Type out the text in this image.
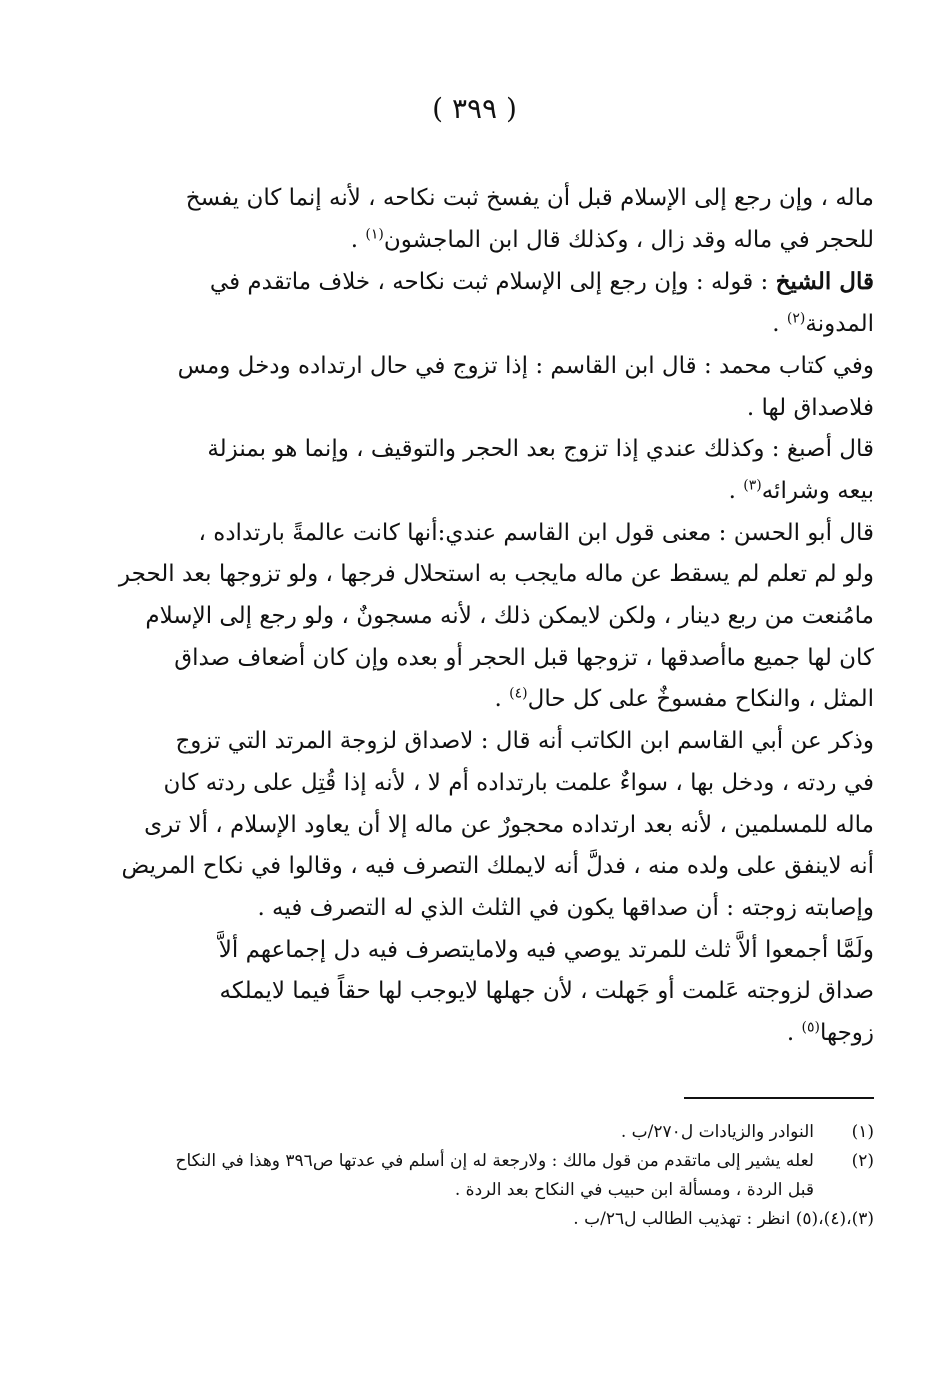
( ٣٩٩ )

ماله ، وإن رجع إلى الإسلام قبل أن يفسخ ثبت نكاحه ، لأنه إنما كان يفسخ

للحجر في ماله وقد زال ، وكذلك قال ابن الماجشون$^{(١)}$ .

قال الشيخ : قوله : وإن رجع إلى الإسلام ثبت نكاحه ، خلاف ماتقدم في

المدونة$^{(٢)}$ .

وفي كتاب محمد : قال ابن القاسم : إذا تزوج في حال ارتداده ودخل ومس

فلاصداق لها .

قال أصبغ : وكذلك عندي إذا تزوج بعد الحجر والتوقيف ، وإنما هو بمنزلة

بيعه وشرائه$^{(٣)}$ .

قال أبو الحسن : معنى قول ابن القاسم عندي:أنها كانت عالمةً بارتداده ،

ولو لم تعلم لم يسقط عن ماله مايجب به استحلال فرجها ، ولو تزوجها بعد الحجر

مامُنعت من ربع دينار ، ولكن لايمكن ذلك ، لأنه مسجونٌ ، ولو رجع إلى الإسلام

كان لها جميع ماأصدقها ، تزوجها قبل الحجر أو بعده وإن كان أضعاف صداق

المثل ، والنكاح مفسوخٌ على كل حال$^{(٤)}$ .

وذكر عن أبي القاسم ابن الكاتب أنه قال : لاصداق لزوجة المرتد التي تزوج

في ردته ، ودخل بها ، سواءٌ علمت بارتداده أم لا ، لأنه إذا قُتِل على ردته كان

ماله للمسلمين ، لأنه بعد ارتداده محجورٌ عن ماله إلا أن يعاود الإسلام ، ألا ترى

أنه لاينفق على ولده منه ، فدلَّ أنه لايملك التصرف فيه ، وقالوا في نكاح المريض

وإصابته زوجته : أن صداقها يكون في الثلث الذي له التصرف فيه .

ولَمَّا أجمعوا ألاَّ ثلث للمرتد يوصي فيه ولامايتصرف فيه دل إجماعهم ألاَّ

صداق لزوجته عَلمت أو جَهلت ، لأن جهلها لايوجب لها حقاً فيما لايملكه

زوجها$^{(٥)}$ .

(١)
النوادر والزيادات ل٢٧٠/ب .
(٢)
لعله يشير إلى ماتقدم من قول مالك : ولارجعة له إن أسلم في عدتها ص٣٩٦ وهذا في النكاح
قبل الردة ، ومسألة ابن حبيب في النكاح بعد الردة .
(٣)،(٤)،(٥) انظر : تهذيب الطالب ل٢٦/ب .
